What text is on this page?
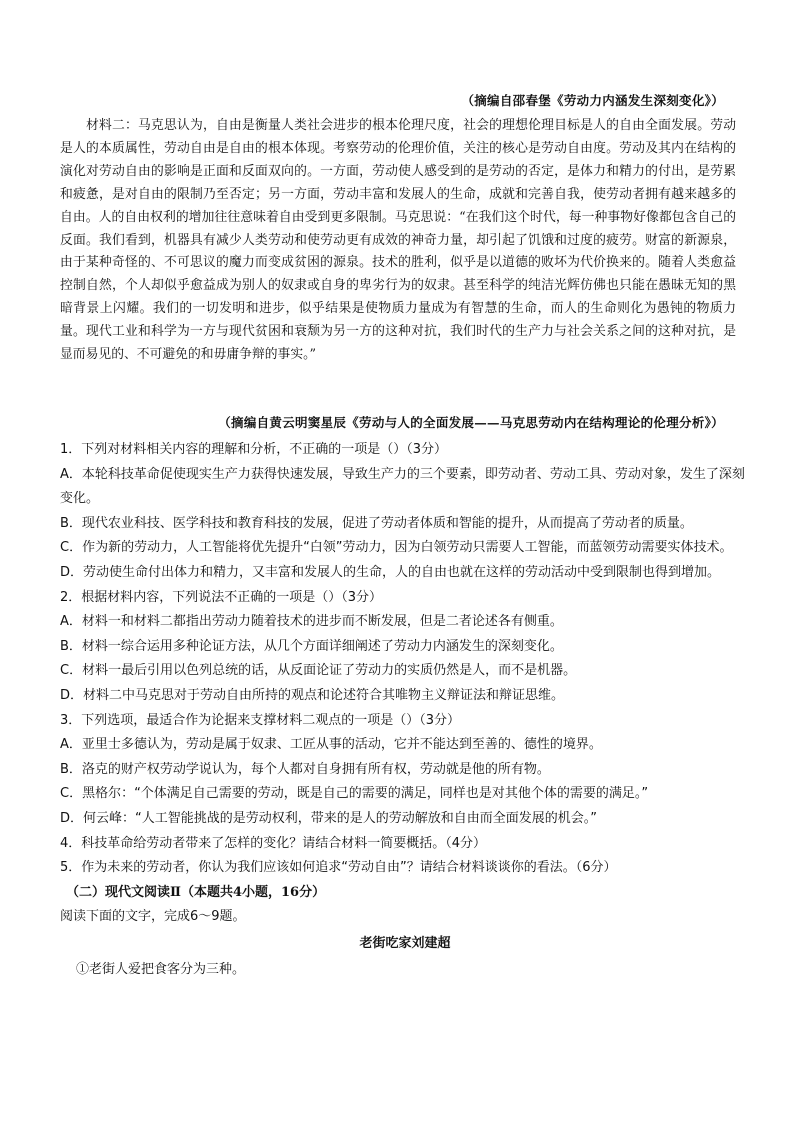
（摘编自邵春堡《劳动力内涵发生深刻变化》）

材料二：马克思认为，自由是衡量人类社会进步的根本伦理尺度，社会的理想伦理目标是人的自由全面发展。劳动是人的本质属性，劳动自由是自由的根本体现。考察劳动的伦理价值，关注的核心是劳动自由度。劳动及其内在结构的演化对劳动自由的影响是正面和反面双向的。一方面，劳动使人感受到的是劳动的否定，是体力和精力的付出，是劳累和疲惫，是对自由的限制乃至否定；另一方面，劳动丰富和发展人的生命，成就和完善自我，使劳动者拥有越来越多的自由。人的自由权利的增加往往意味着自由受到更多限制。马克思说：“在我们这个时代，每一种事物好像都包含自己的反面。我们看到，机器具有减少人类劳动和使劳动更有成效的神奇力量，却引起了饥饿和过度的疲劳。财富的新源泉，由于某种奇怪的、不可思议的魔力而变成贫困的源泉。技术的胜利，似乎是以道德的败坏为代价换来的。随着人类愈益控制自然，个人却似乎愈益成为别人的奴隶或自身的卑劣行为的奴隶。甚至科学的纯洁光辉仿佛也只能在愚昧无知的黑暗背景上闪耀。我们的一切发明和进步，似乎结果是使物质力量成为有智慧的生命，而人的生命则化为愚钝的物质力量。现代工业和科学为一方与现代贫困和衰颓为另一方的这种对抗，我们时代的生产力与社会关系之间的这种对抗，是显而易见的、不可避免的和毋庸争辩的事实。”

（摘编自黄云明窦星辰《劳动与人的全面发展——马克思劳动内在结构理论的伦理分析》）

1．下列对材料相关内容的理解和分析，不正确的一项是（）（3分）

A．本轮科技革命促使现实生产力获得快速发展，导致生产力的三个要素，即劳动者、劳动工具、劳动对象，发生了深刻变化。

B．现代农业科技、医学科技和教育科技的发展，促进了劳动者体质和智能的提升，从而提高了劳动者的质量。

C．作为新的劳动力，人工智能将优先提升“白领”劳动力，因为白领劳动只需要人工智能，而蓝领劳动需要实体技术。

D．劳动使生命付出体力和精力，又丰富和发展人的生命，人的自由也就在这样的劳动活动中受到限制也得到增加。

2．根据材料内容，下列说法不正确的一项是（）（3分）

A．材料一和材料二都指出劳动力随着技术的进步而不断发展，但是二者论述各有侧重。

B．材料一综合运用多种论证方法，从几个方面详细阐述了劳动力内涵发生的深刻变化。

C．材料一最后引用以色列总统的话，从反面论证了劳动力的实质仍然是人，而不是机器。

D．材料二中马克思对于劳动自由所持的观点和论述符合其唯物主义辩证法和辩证思维。

3．下列选项，最适合作为论据来支撑材料二观点的一项是（）（3分）

A．亚里士多德认为，劳动是属于奴隶、工匠从事的活动，它并不能达到至善的、德性的境界。

B．洛克的财产权劳动学说认为，每个人都对自身拥有所有权，劳动就是他的所有物。

C．黑格尔：“个体满足自己需要的劳动，既是自己的需要的满足，同样也是对其他个体的需要的满足。”

D．何云峰：“人工智能挑战的是劳动权利，带来的是人的劳动解放和自由而全面发展的机会。”

4．科技革命给劳动者带来了怎样的变化？请结合材料一简要概括。（4分）

5．作为未来的劳动者，你认为我们应该如何追求“劳动自由”？请结合材料谈谈你的看法。（6分）

（二）现代文阅读Ⅱ（本题共4小题，16分）

阅读下面的文字，完成6～9题。

老街吃家刘建超

①老街人爱把食客分为三种。
